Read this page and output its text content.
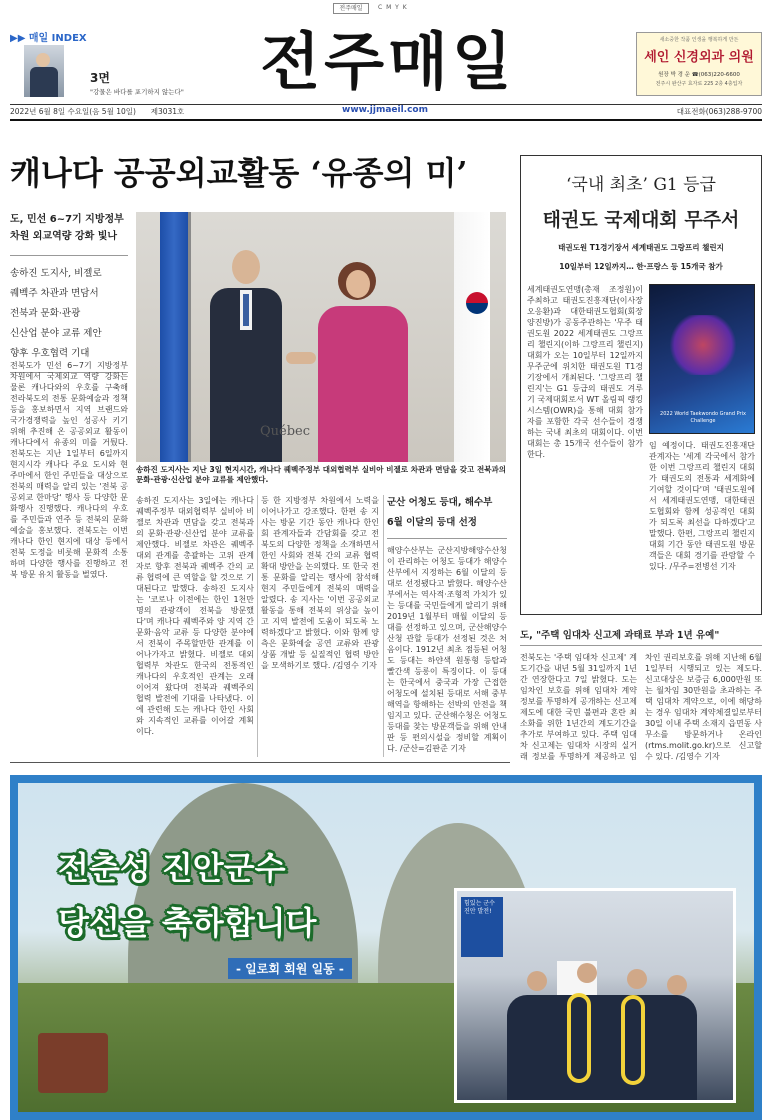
전주매일	C M Y K
▶▶ 매일 INDEX
3면
"강물은 바다를 포기하지 않는다" 전주매일	새소중한 작품 인생을 행복하게 만든
세인 신경외과 의원
원장 박 경 운 ☎(063)220-6600
전주시 완산구 효자로 225 2층 4층입자
2022년 6월 8일 수요일(음 5월 10일) 제3031호	www.jjmaeil.com	대표전화(063)288-9700
캐나다 공공외교활동 ‘유종의 미’
도, 민선 6~7기 지방정부
차원 외교역량 강화 빛나
송하진 도지사, 비젤로
퀘벡주 차관과 면담서
전북과 문화·관광
신산업 분야 교류 제안
향후 우호협력 기대
전북도가 민선 6~7기 지방정부 차원에서 국제외교 역량 강화는 물론 캐나다와의 우호를 구축해 전라북도의 전통 문화예술과 정책 등을 홍보하면서 지역 브랜드와 국가경쟁력을 높인 성공사 키기 위해 추진해 온 공공외교 활동이 캐나다에서 유종의 미를 거뒀다. 전북도는 지난 1일부터 6일까지 현지시각 캐나다 주요 도시와 현주마에서 한인 주민들을 대상으로 전북의 매력을 알리 있는 '전북 공공외교 한마당' 행사 등 다양한 문화행사 진행했다. 캐나다의 우호를 주민들과 연주 등 전북의 문화 예술을 홍보했다. 전북도는 이번 캐나다 한인 현지에 대상 등에서 전북 도정을 비롯해 문화적 소통하며 다양한 행사를 진행하고 전북 방문 유치 활동을 벌였다.
Québec
송하진 도지사는 지난 3일 현지시간, 캐나다 퀘벡주정부 대외협력부 실비아 비젤로 차관과 면담을 갖고 전북과의 문화·관광·신산업 분야 교류를 제안했다.
송하진 도지사는 3일에는 캐나다 퀘벡주정부 대외협력부 실비아 비젤로 차관과 면담을 갖고 전북과의 문화·관광·신산업 분야 교류를 제안했다. 비젤로 차관은 퀘벡주 대외 관계를 총괄하는 고위 관계자로 향후 전북과 퀘벡주 간의 교류 협력에 큰 역할을 할 것으로 기대된다고 말했다. 송하진 도지사는 '코로나 이전에는 한인 1천만 명의 관광객이 전북을 방문했다'며 캐나다 퀘벡주와 양 지역 간 문화·음악 교류 등 다양한 분야에서 전북이 주목할만한 관계를 이어나가자고 밝혔다. 비젤로 대외협력부 차관도 한국의 전통적인 캐나다의 우호적인 관계는 오래 이어져 왔다며 전북과 퀘벡주의 협력 발전에 기대를 나타냈다. 이에 관련해 도는 캐나다 한인 사회와 지속적인 교류를 이어갈 계획이다.
등 한 지방정부 차원에서 노력을 이어나가고 강조했다. 한편 송 지사는 방문 기간 동안 캐나다 한인회 관계자들과 간담회를 갖고 전북도의 다양한 정책을 소개하면서 한인 사회와 전북 간의 교류 협력 확대 방안을 논의했다. 또 한국 전통 문화를 알리는 행사에 참석해 현지 주민들에게 전북의 매력을 알렸다. 송 지사는 '이번 공공외교 활동을 통해 전북의 위상을 높이고 지역 발전에 도움이 되도록 노력하겠다'고 밝혔다. 이와 함께 양측은 문화예술 공연 교류와 관광 상품 개발 등 실질적인 협력 방안을 모색하기로 했다. /김영수 기자
군산 어청도 등대, 해수부
6월 이달의 등대 선정
해양수산부는 군산지방해양수산청이 관리하는 어청도 등대가 해양수산부에서 지정하는 6월 이달의 등대로 선정됐다고 밝혔다. 해양수산부에서는 역사적·조형적 가치가 있는 등대를 국민들에게 알리기 위해 2019년 1월부터 매월 이달의 등대를 선정하고 있으며, 군산해양수산청 관할 등대가 선정된 것은 처음이다. 1912년 최초 점등된 어청도 등대는 하얀색 원통형 등탑과 빨간색 등롱이 특징이다. 이 등대는 한국에서 중국과 가장 근접한 어청도에 설치된 등대로 서해 중부 해역을 항해하는 선박의 안전을 책임지고 있다. 군산해수청은 어청도 등대를 찾는 방문객들을 위해 안내판 등 편의시설을 정비할 계획이다. /군산=김판준 기자
‘국내 최초’ G1 등급
태권도 국제대회 무주서
태권도원 T1경기장서 세계태권도 그랑프리 챌린지
10일부터 12일까지… 한·프랑스 등 15개국 참가
세계태권도연맹(총재 조정원)이 주최하고 태권도진흥재단(이사장 오응환)과 대한태권도협회(회장 양진방)가 공동주관하는 '무주 태권도원 2022 세계태권도 그랑프리 챌린지(이하 그랑프리 챌린지) 대회가 오는 10일부터 12일까지 무주군에 위치한 태권도원 T1경기장에서 개최된다. '그랑프리 챌린지'는 G1 등급의 태권도 겨루기 국제대회로서 WT 올림픽 랭킹시스템(OWR)을 통해 대회 참가자를 포함한 각국 선수들이 경쟁하는 국내 최초의 대회이다. 이번 대회는 총 15개국 선수들이 참가한다.
2022 World Taekwondo Grand Prix Challenge
임 예정이다. 태권도진흥재단 관계자는 '세계 각국에서 참가한 이번 그랑프리 챌린지 대회가 태권도의 전통과 세계화에 기여할 것이다'며 '태권도원에서 세계태권도연맹, 대한태권도협회와 함께 성공적인 대회가 되도록 최선을 다하겠다'고 말했다. 한편, 그랑프리 챌린지 대회 기간 동안 태권도원 방문객들은 대회 경기를 관람할 수 있다. /무주=전병선 기자
도, "주택 임대차 신고제 과태료 부과 1년 유예"
전북도는 '주택 임대차 신고제' 계도기간을 내년 5월 31일까지 1년간 연장한다고 7일 밝혔다. 도는 임차인 보호를 위해 임대차 계약 정보를 투명하게 공개하는 신고제 제도에 대한 국민 불편과 혼란 최소화를 위한 1년간의 계도기간을 추가로 부여하고 있다. 주택 임대차 신고제는 임대차 시장의 실거래 정보를 투명하게 제공하고 임차인 권리보호를 위해 지난해 6월 1일부터 시행되고 있는 제도다. 신고대상은 보증금 6,000만원 또는 월차임 30만원을 초과하는 주택 임대차 계약으로, 이에 해당하는 경우 임대차 계약체결일로부터 30일 이내 주택 소재지 읍면동 사무소를 방문하거나 온라인(rtms.molit.go.kr)으로 신고할 수 있다. /김영수 기자
전춘성 진안군수
당선을 축하합니다
- 일로회 회원 일동 -
힘있는 군수 진안 발전!
